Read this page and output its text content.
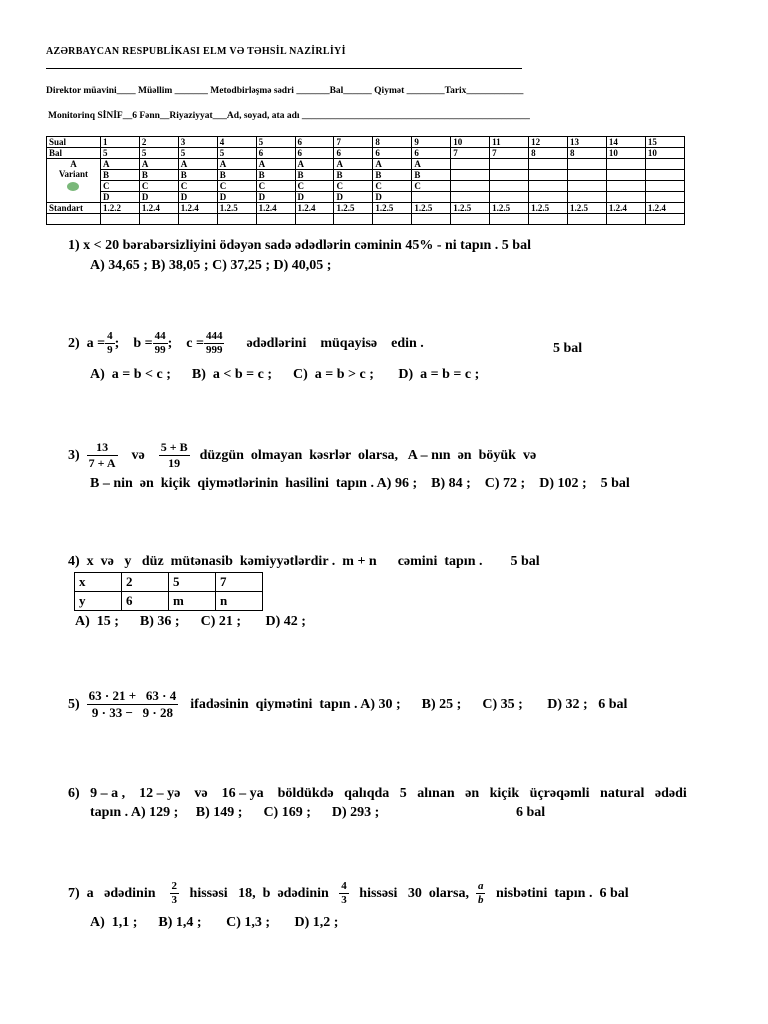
AZƏRBAYCAN RESPUBLİKASI ELM VƏ TƏHSİL NAZİRLİYİ
Direktor müavini____ Müəllim _______ Metodbirləşmə sədri _______Bal______ Qiymət ________Tarix____________
Monitorinq SİNİF__6 Fənn__Riyaziyyat___Ad, soyad, ata adı ________________________________________________
Sual	1	2	3	4	5	6	7	8	9	10	11	12	13	14	15
Bal	5	5	5	5	6	6	6	6	6	7	7	8	8	10	10

A
Variant	A	A	A	A	A	A	A	A	A						
	B	B	B	B	B	B	B	B	B						
	C	C	C	C	C	C	C	C	C						
	D	D	D	D	D	D	D	D							
Standart	1.2.2	1.2.4	1.2.4	1.2.5	1.2.4	1.2.4	1.2.5	1.2.5	1.2.5	1.2.5	1.2.5	1.2.5	1.2.5	1.2.4	1.2.4

1) x < 20 bərabərsizliyini ödəyən sadə ədədlərin cəminin 45% - ni tapın . 5 bal
A) 34,65 ; B) 38,05 ; C) 37,25 ; D) 40,05 ;
2)
$a = \frac{4}{9}$ ;    $b = \frac{44}{99}$ ;    $c = \frac{444}{999}$ ədədlərini    müqayisə    edin .	5 bal
A)  a = b < c ;      B)  a < b = c ;      C)  a = b > c ;       D)  a = b = c ;
3)
$\frac{13}{7 + A}$ və $\frac{5 + B}{19}$ düzgün  olmayan  kəsrlər  olarsa,   A – nın  ən  böyük  və
B – nin  ən  kiçik  qiymətlərinin  hasilini  tapın . A) 96 ;    B) 84 ;    C) 72 ;    D) 102 ;    5 bal
4)  x  və   y   düz  mütənasib  kəmiyyətlərdir .  m + n      cəmini  tapın .        5 bal
x	2	5	7
y	6	m	n
A)  15 ;      B) 36 ;      C) 21 ;       D) 42 ;
5)
$\frac{63 \cdot 21 + 63 \cdot 4}{9 \cdot 33 - 9 \cdot 28}$ ifadəsinin  qiymətini  tapın . A) 30 ;      B) 25 ;      C) 35 ;       D) 32 ;   6 bal
6)   9 – a ,    12 – yə    və    16 – ya    böldükdə   qalıqda   5   alınan   ən   kiçik   üçrəqəmli   natural   ədədi
tapın . A) 129 ;     B) 149 ;      C) 169 ;      D) 293 ;	6 bal
7)
a   ədədinin
$\frac{2}{3}$
hissəsi   18,  b  ədədinin
$\frac{4}{3}$
hissəsi   30  olarsa,
$\frac{a}{b}$
nisbətini  tapın .  6 bal
A)  1,1 ;      B) 1,4 ;       C) 1,3 ;       D) 1,2 ;
